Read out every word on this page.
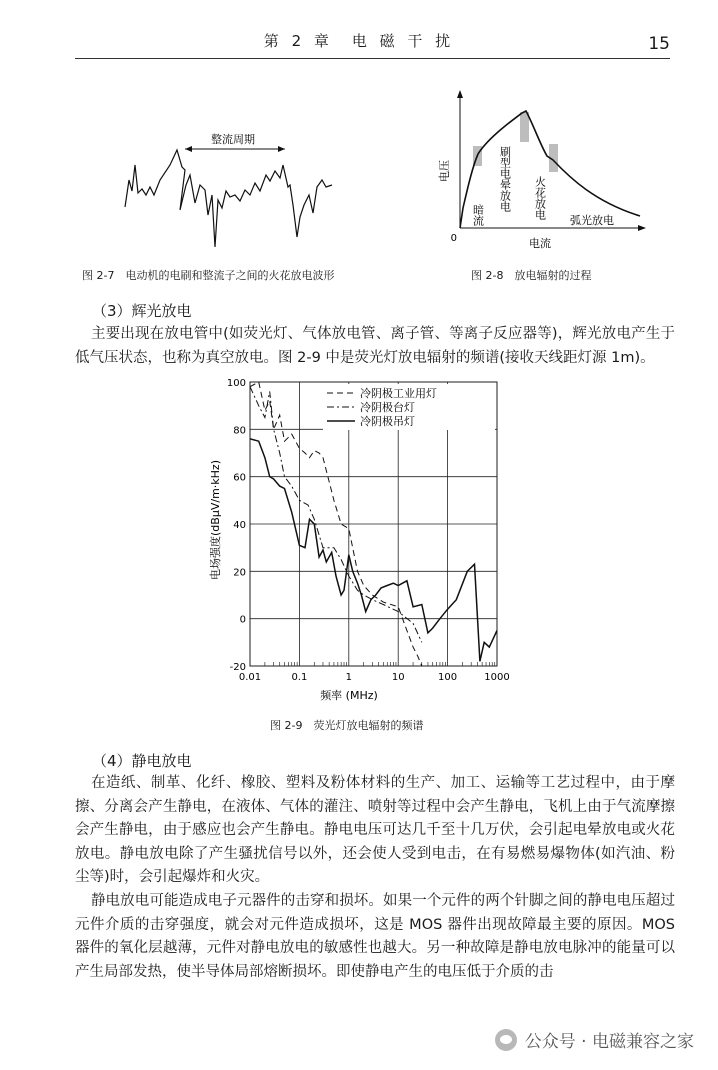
第 2 章　电 磁 干 扰	15
整流周期
图 2-7　电动机的电刷和整流子之间的火花放电波形
0
电压
电流
暗流
刷型电晕放电 火花放电
弧光放电
图 2-8　放电辐射的过程
（3）辉光放电

主要出现在放电管中(如荧光灯、气体放电管、离子管、等离子反应器等)，辉光放电产生于低气压状态，也称为真空放电。图 2-9 中是荧光灯放电辐射的频谱(接收天线距灯源 1m)。

0.01	0.1	1	10	100	1000
-20
0
20
40
60
80
100
冷阴极工业用灯
冷阴极台灯
冷阴极吊灯
频率 (MHz)
电场强度(dBμV/m·kHz)
图 2-9　荧光灯放电辐射的频谱
（4）静电放电

在造纸、制革、化纤、橡胶、塑料及粉体材料的生产、加工、运输等工艺过程中，由于摩擦、分离会产生静电，在液体、气体的灌注、喷射等过程中会产生静电，飞机上由于气流摩擦会产生静电，由于感应也会产生静电。静电电压可达几千至十几万伏，会引起电晕放电或火花放电。静电放电除了产生骚扰信号以外，还会使人受到电击，在有易燃易爆物体(如汽油、粉尘等)时，会引起爆炸和火灾。

静电放电可能造成电子元器件的击穿和损坏。如果一个元件的两个针脚之间的静电电压超过元件介质的击穿强度，就会对元件造成损坏，这是 MOS 器件出现故障最主要的原因。MOS 器件的氧化层越薄，元件对静电放电的敏感性也越大。另一种故障是静电放电脉冲的能量可以产生局部发热，使半导体局部熔断损坏。即使静电产生的电压低于介质的击

公众号 · 电磁兼容之家
